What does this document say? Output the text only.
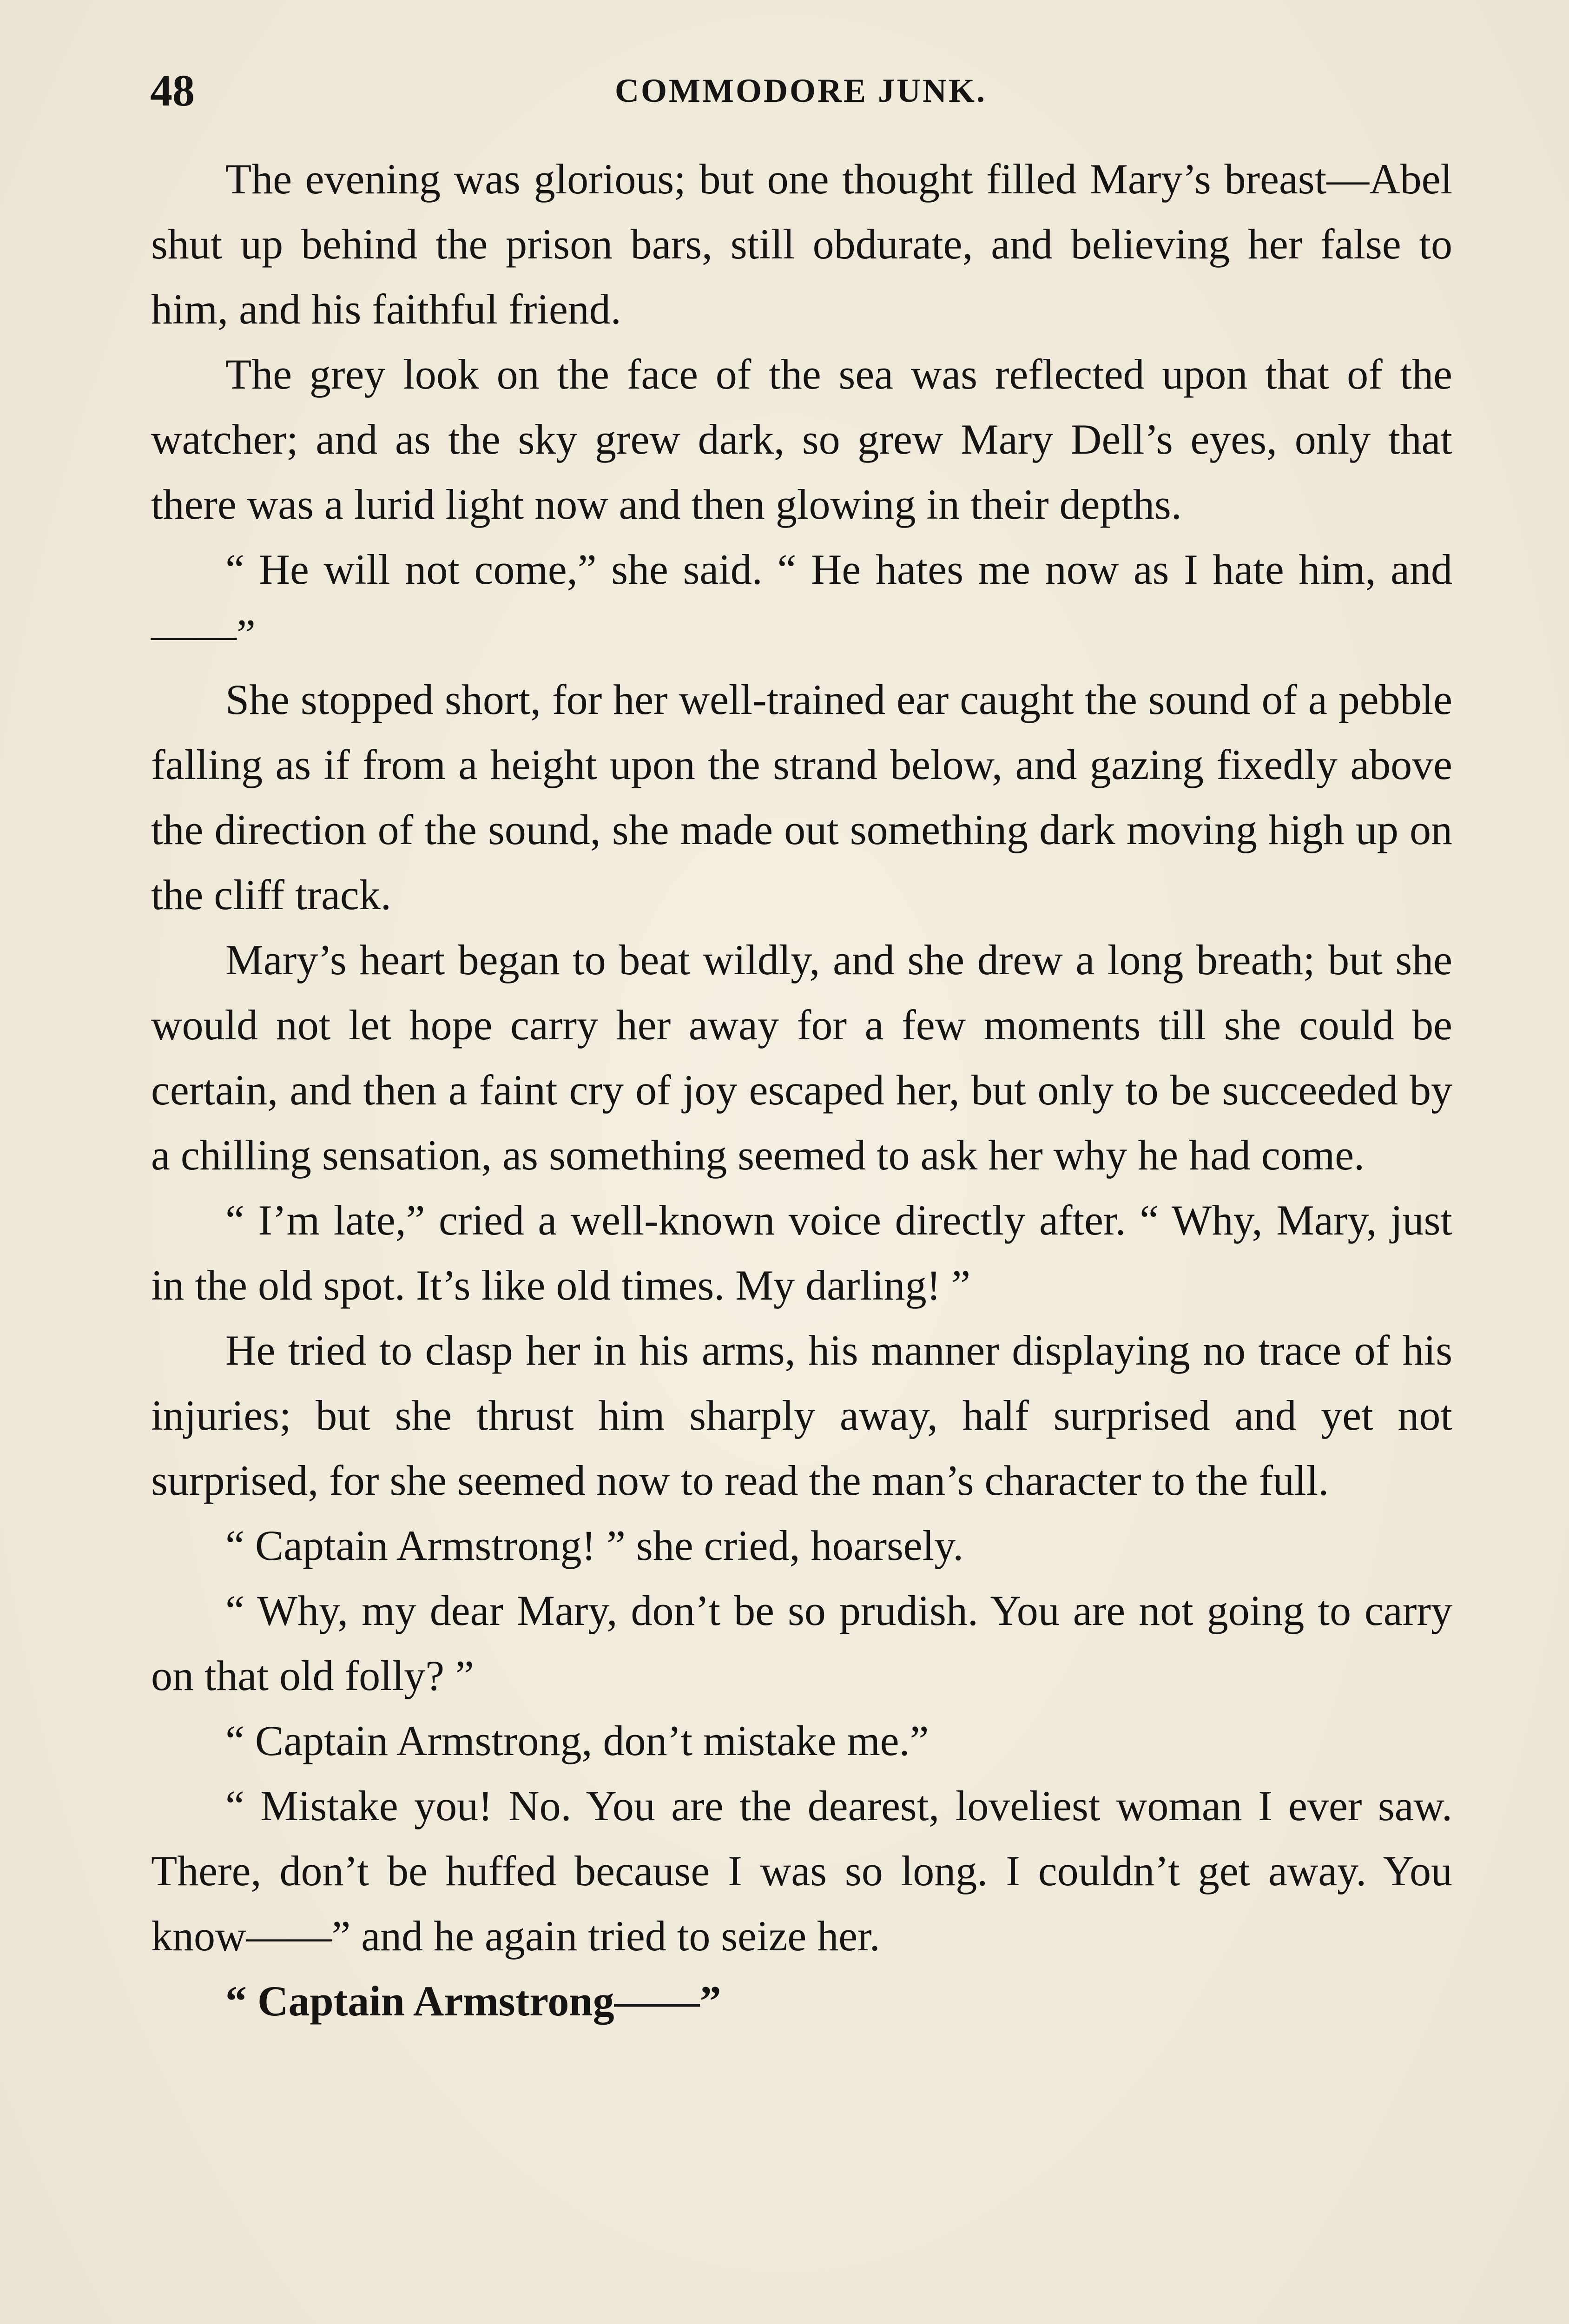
48	COMMODORE JUNK.

The evening was glorious; but one thought filled Mary’s breast—Abel shut up behind the prison bars, still obdurate, and believing her false to him, and his faithful friend.

The grey look on the face of the sea was reflected upon that of the watcher; and as the sky grew dark, so grew Mary Dell’s eyes, only that there was a lurid light now and then glowing in their depths.

“ He will not come,” she said. “ He hates me now as I hate him, and——”

She stopped short, for her well-trained ear caught the sound of a pebble falling as if from a height upon the strand below, and gazing fixedly above the direction of the sound, she made out something dark moving high up on the cliff track.

Mary’s heart began to beat wildly, and she drew a long breath; but she would not let hope carry her away for a few moments till she could be certain, and then a faint cry of joy escaped her, but only to be succeeded by a chilling sensation, as something seemed to ask her why he had come.

“ I’m late,” cried a well-known voice directly after. “ Why, Mary, just in the old spot. It’s like old times. My darling! ”

He tried to clasp her in his arms, his manner displaying no trace of his injuries; but she thrust him sharply away, half surprised and yet not surprised, for she seemed now to read the man’s character to the full.

“ Captain Armstrong! ” she cried, hoarsely.

“ Why, my dear Mary, don’t be so prudish. You are not going to carry on that old folly? ”

“ Captain Armstrong, don’t mistake me.”

“ Mistake you! No. You are the dearest, loveliest woman I ever saw. There, don’t be huffed because I was so long. I couldn’t get away. You know——” and he again tried to seize her.

“ Captain Armstrong——”
